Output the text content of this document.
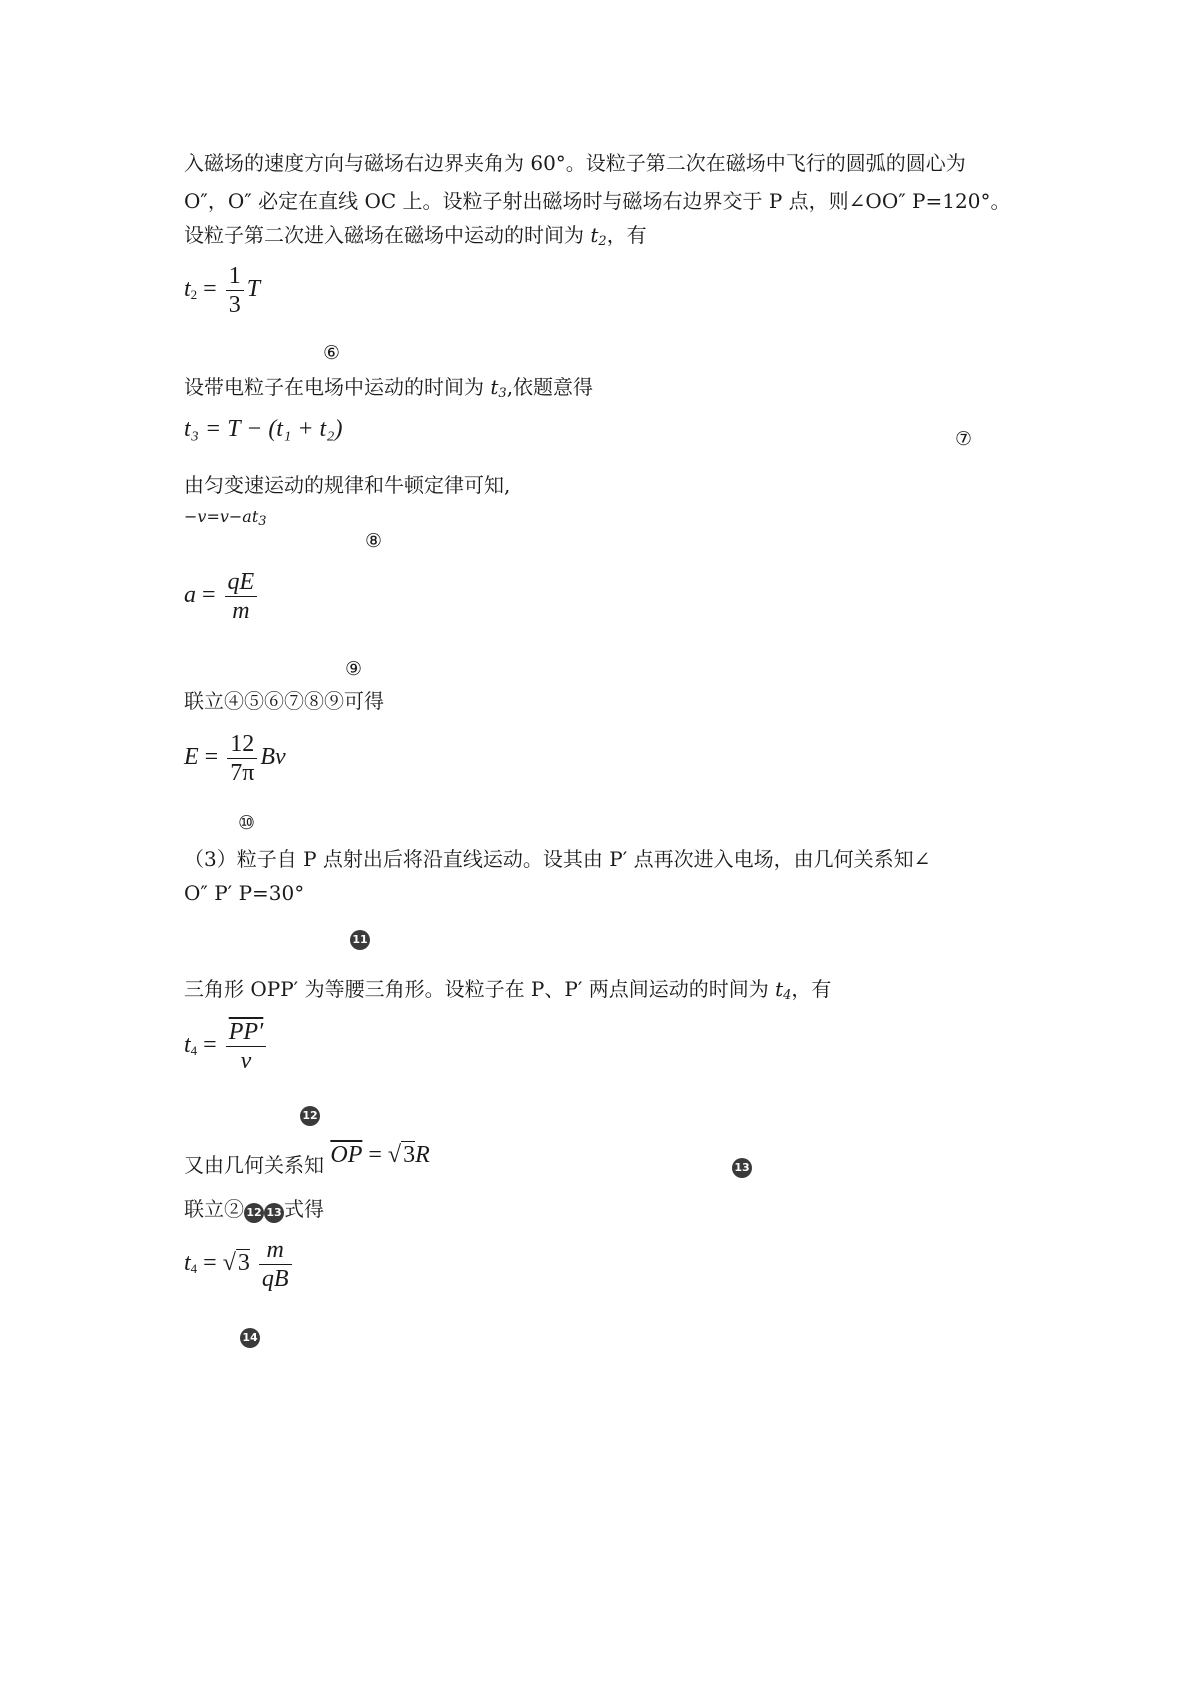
入磁场的速度方向与磁场右边界夹角为 60°。设粒子第二次在磁场中飞行的圆弧的圆心为
O″，O″ 必定在直线 OC 上。设粒子射出磁场时与磁场右边界交于 P 点，则∠OO″ P=120°。
设粒子第二次进入磁场在磁场中运动的时间为 $t_2$，有
$t_2 = \frac{1}{3}$ T
⑥
设带电粒子在电场中运动的时间为 $t_3$,依题意得
t₃ = T − (t₁ + t₂)	⑦
由匀变速运动的规律和牛顿定律可知,
$-v=v-at_3$
⑧
$a = \frac{qE}{m}$
⑨
联立④⑤⑥⑦⑧⑨可得
$E = \frac{12}{7\pi}$ Bv
⑩
（3）粒子自 P 点射出后将沿直线运动。设其由 P′ 点再次进入电场，由几何关系知∠
O″ P′ P=30°
11
三角形 OPP′ 为等腰三角形。设粒子在 P、P′ 两点间运动的时间为 $t_4$，有
$t_4 = \frac{PP'}{v}$
12
又由几何关系知 $\overline{OP} = √3R$	13
联立② 12 13 式得
$t_4 = √3 \frac{m}{qB}$
14
